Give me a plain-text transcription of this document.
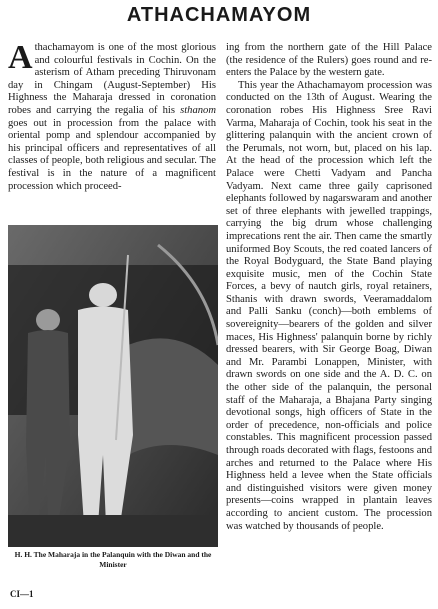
ATHACHAMAYOM

Athachamayom is one of the most glorious and colourful festivals in Cochin. On the asterism of Atham preceding Thiruvonam day in Chingam (August-September) His Highness the Maharaja dressed in coronation robes and carrying the regalia of his sthanom goes out in procession from the palace with oriental pomp and splendour accompanied by his principal officers and representatives of all classes of people, both religious and secular. The festival is in the nature of a magnificent procession which proceed-

H. H. The Maharaja in the Palanquin with the Diwan and the Minister

ing from the northern gate of the Hill Palace (the residence of the Rulers) goes round and re-enters the Palace by the western gate.

This year the Athachamayom procession was conducted on the 13th of August. Wearing the coronation robes His Highness Sree Ravi Varma, Maharaja of Cochin, took his seat in the glittering palanquin with the ancient crown of the Perumals, not worn, but, placed on his lap. At the head of the procession which left the Palace were Chetti Vadyam and Pancha Vadyam. Next came three gaily caprisoned elephants followed by nagarswaram and another set of three elephants with jewelled trappings, carrying the big drum whose challenging imprecations rent the air. Then came the smartly uniformed Boy Scouts, the red coated lancers of the Royal Bodyguard, the State Band playing exquisite music, men of the Cochin State Forces, a bevy of nautch girls, royal retainers, Sthanis with drawn swords, Veeramaddalom and Palli Sanku (conch)—both emblems of sovereignity—bearers of the golden and silver maces, His Highness' palanquin borne by richly dressed bearers, with Sir George Boag, Diwan and Mr. Parambi Lonappen, Minister, with drawn swords on one side and the A. D. C. on the other side of the palanquin, the personal staff of the Maharaja, a Bhajana Party singing devotional songs, high officers of State in the order of precedence, non-officials and police constables. This magnificent procession passed through roads decorated with flags, festoons and arches and returned to the Palace where His Highness held a levee when the State officials and distinguished visitors were given money presents—coins wrapped in plantain leaves according to ancient custom. The procession was watched by thousands of people.

CI—1
